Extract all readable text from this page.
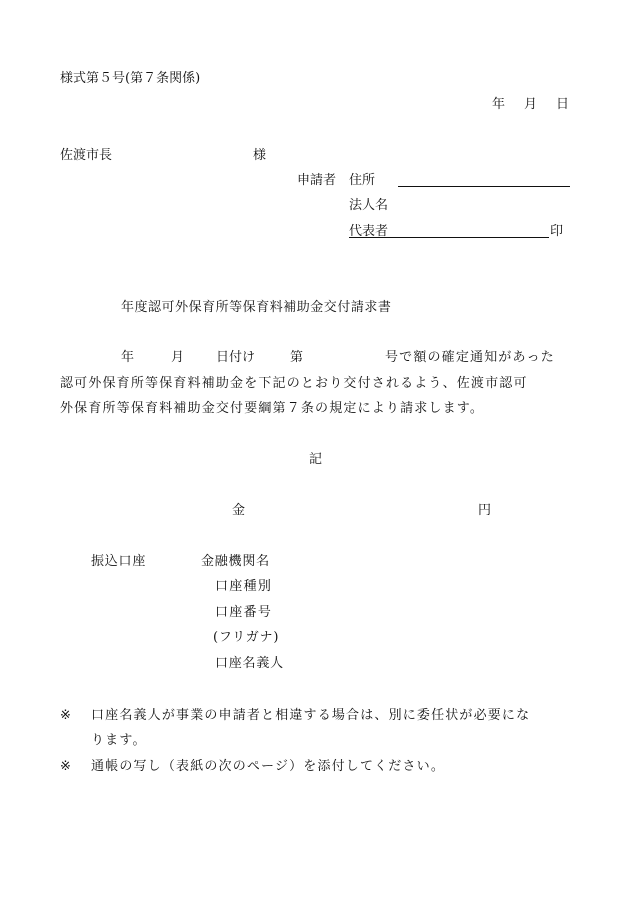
様式第５号(第７条関係)
年 月 日
佐渡市長	様
申請者 住所
法人名
代表者	印
年度認可外保育所等保育料補助金交付請求書
年	月 日付け	第	号で額の確定通知があった
認可外保育所等保育料補助金を下記のとおり交付されるよう、佐渡市認可
外保育所等保育料補助金交付要綱第７条の規定により請求します。
記
金	円
振込口座	金融機関名
口座種別
口座番号
(フリガナ)
口座名義人
※ 口座名義人が事業の申請者と相違する場合は、別に委任状が必要にな
ります。
※ 通帳の写し（表紙の次のページ）を添付してください。
